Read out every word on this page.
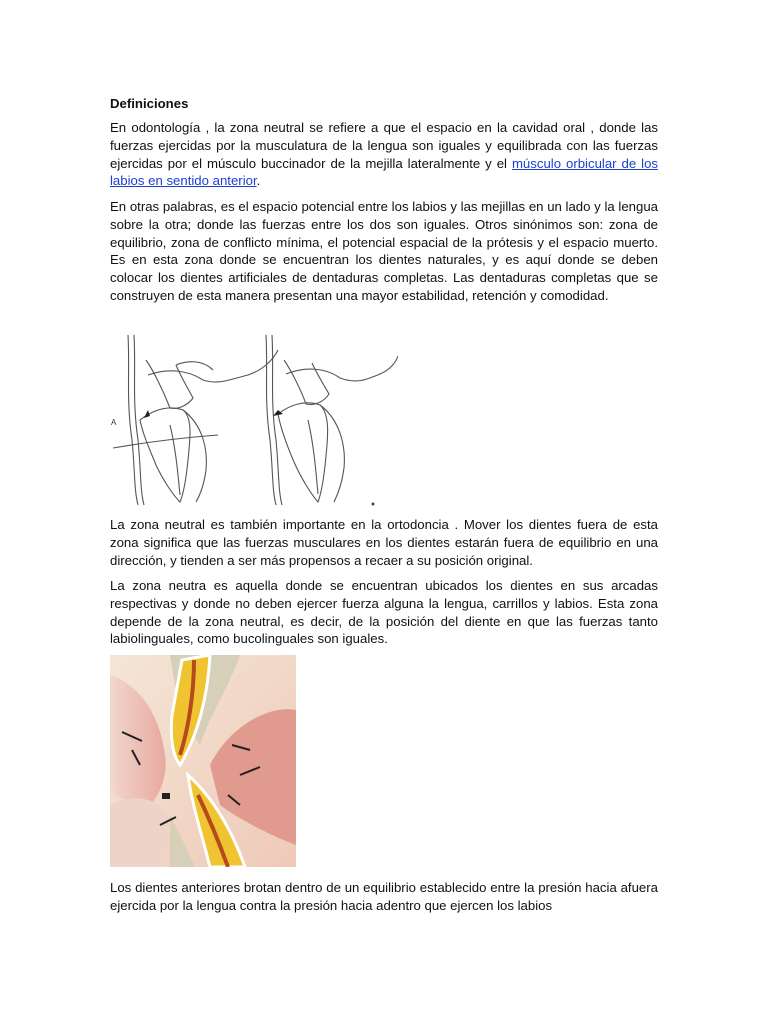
Definiciones
En odontología , la zona neutral se refiere a que el espacio en la cavidad oral , donde las fuerzas ejercidas por la musculatura de la lengua son iguales y equilibrada con las fuerzas ejercidas por el músculo buccinador de la mejilla lateralmente y el músculo orbicular de los labios en sentido anterior.
En otras palabras, es el espacio potencial entre los labios y las mejillas en un lado y la lengua sobre la otra; donde las fuerzas entre los dos son iguales. Otros sinónimos son: zona de equilibrio, zona de conflicto mínima, el potencial espacial de la prótesis y el espacio muerto. Es en esta zona donde se encuentran los dientes naturales, y es aquí donde se deben colocar los dientes artificiales de dentaduras completas. Las dentaduras completas que se construyen de esta manera presentan una mayor estabilidad, retención y comodidad.
A
La zona neutral es también importante en la ortodoncia . Mover los dientes fuera de esta zona significa que las fuerzas musculares en los dientes estarán fuera de equilibrio en una dirección, y tienden a ser más propensos a recaer a su posición original.
La zona neutra es aquella donde se encuentran ubicados los dientes en sus arcadas respectivas y donde no deben ejercer fuerza alguna la lengua, carrillos y labios. Esta zona depende de la zona neutral, es decir, de la posición del diente en que las fuerzas tanto labiolinguales, como bucolinguales son iguales.
Los dientes anteriores brotan dentro de un equilibrio establecido entre la presión hacia afuera ejercida por la lengua contra la presión hacia adentro que ejercen los labios
